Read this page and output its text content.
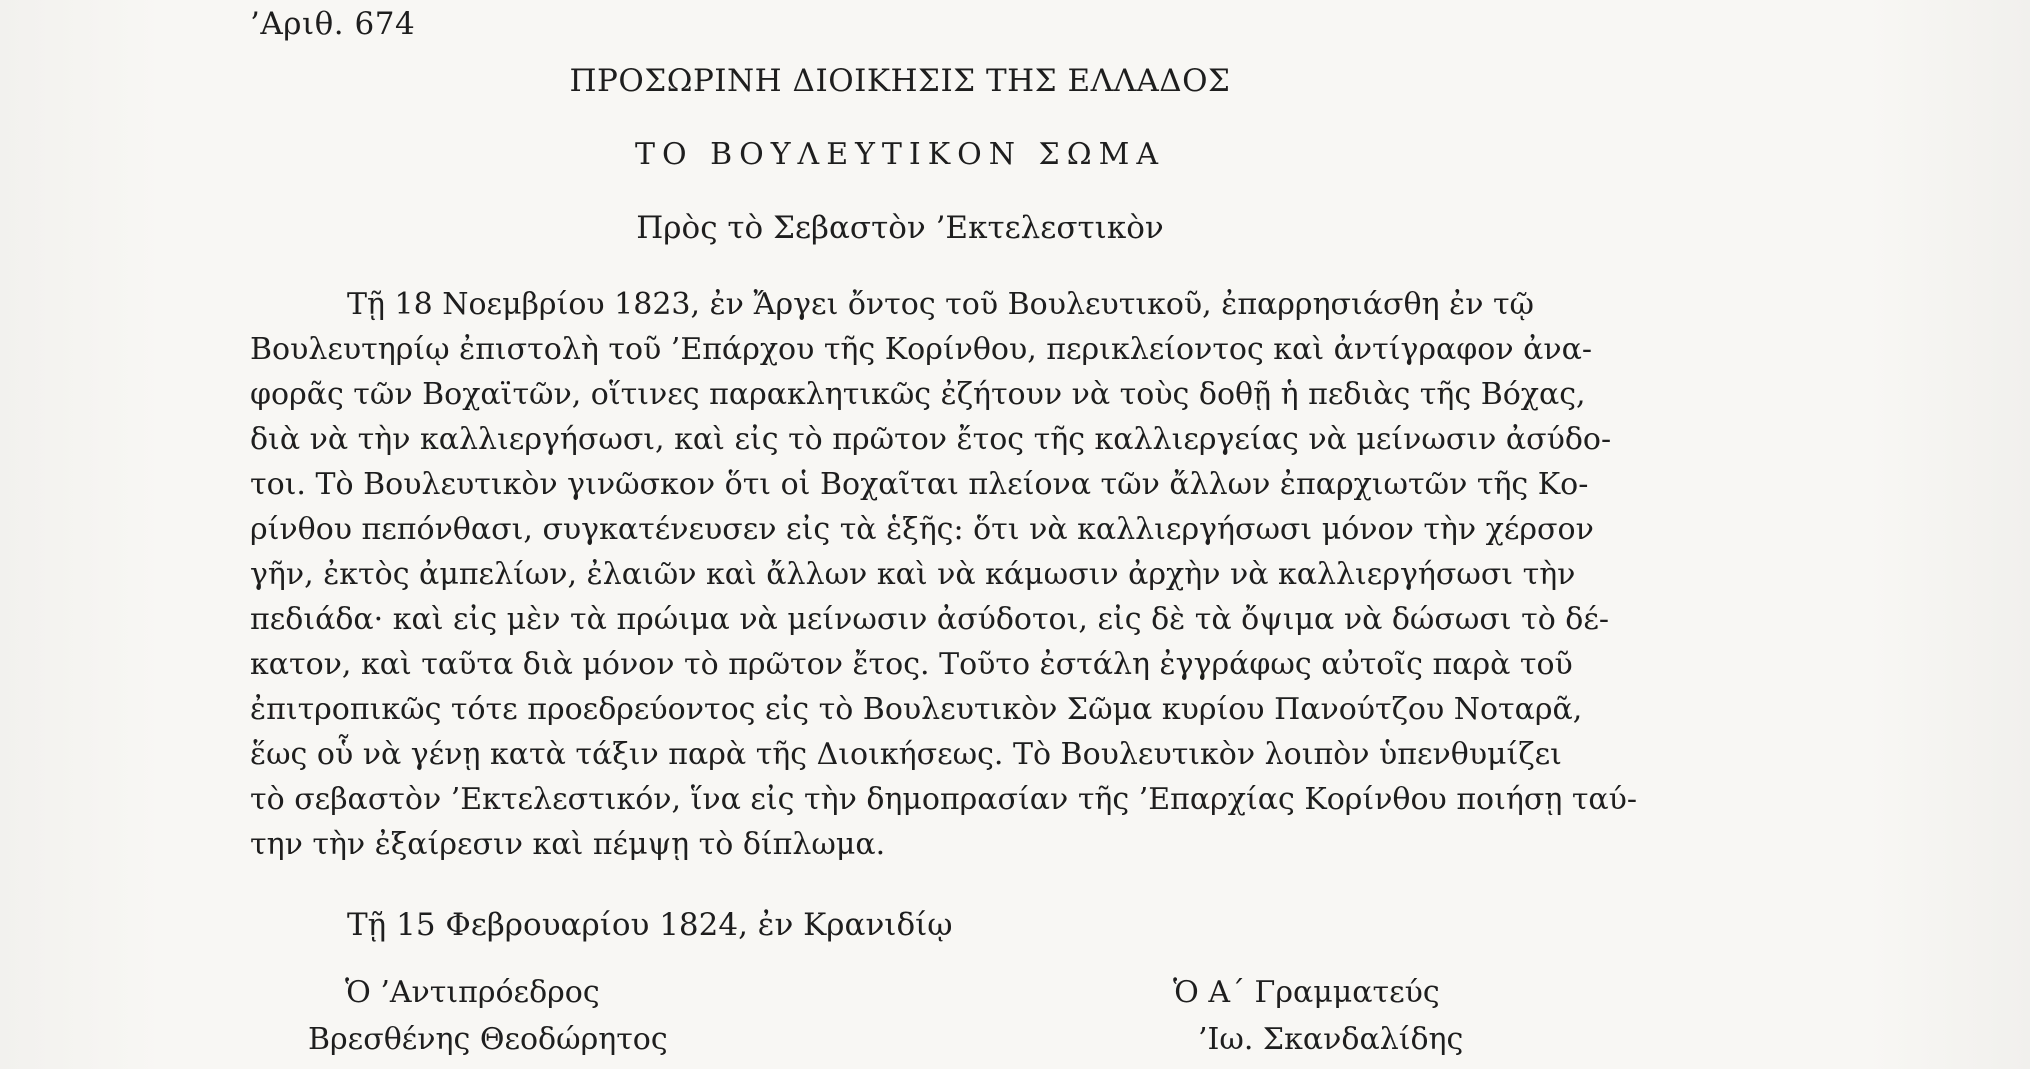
’Αριθ. 674
ΠΡΟΣΩΡΙΝΗ ΔΙΟΙΚΗΣΙΣ ΤΗΣ ΕΛΛΑΔΟΣ
ΤΟ ΒΟΥΛΕΥΤΙΚΟΝ ΣΩΜΑ
Πρὸς τὸ Σεβαστὸν ’Εκτελεστικὸν
Τῇ 18 Νοεμβρίου 1823, ἐν Ἄργει ὄντος τοῦ Βουλευτικοῦ, ἐπαρρησιάσθη ἐν τῷ
Βουλευτηρίῳ ἐπιστολὴ τοῦ ’Επάρχου τῆς Κορίνθου, περικλείοντος καὶ ἀντίγραφον ἀνα-
φορᾶς τῶν Βοχαϊτῶν, οἵτινες παρακλητικῶς ἐζήτουν νὰ τοὺς δοθῇ ἡ πεδιὰς τῆς Βόχας,
διὰ νὰ τὴν καλλιεργήσωσι, καὶ εἰς τὸ πρῶτον ἔτος τῆς καλλιεργείας νὰ μείνωσιν ἀσύδο-
τοι. Τὸ Βουλευτικὸν γινῶσκον ὅτι οἱ Βοχαῖται πλείονα τῶν ἄλλων ἐπαρχιωτῶν τῆς Κο-
ρίνθου πεπόνθασι, συγκατένευσεν εἰς τὰ ἑξῆς: ὅτι νὰ καλλιεργήσωσι μόνον τὴν χέρσον
γῆν, ἐκτὸς ἀμπελίων, ἐλαιῶν καὶ ἄλλων καὶ νὰ κάμωσιν ἀρχὴν νὰ καλλιεργήσωσι τὴν
πεδιάδα· καὶ εἰς μὲν τὰ πρώιμα νὰ μείνωσιν ἀσύδοτοι, εἰς δὲ τὰ ὄψιμα νὰ δώσωσι τὸ δέ-
κατον, καὶ ταῦτα διὰ μόνον τὸ πρῶτον ἔτος. Τοῦτο ἐστάλη ἐγγράφως αὐτοῖς παρὰ τοῦ
ἐπιτροπικῶς τότε προεδρεύοντος εἰς τὸ Βουλευτικὸν Σῶμα κυρίου Πανούτζου Νοταρᾶ,
ἕως οὗ νὰ γένῃ κατὰ τάξιν παρὰ τῆς Διοικήσεως. Τὸ Βουλευτικὸν λοιπὸν ὑπενθυμίζει
τὸ σεβαστὸν ’Εκτελεστικόν, ἵνα εἰς τὴν δημοπρασίαν τῆς ’Επαρχίας Κορίνθου ποιήσῃ ταύ-
την τὴν ἐξαίρεσιν καὶ πέμψῃ τὸ δίπλωμα.
Τῇ 15 Φεβρουαρίου 1824, ἐν Κρανιδίῳ
Ὁ ’Αντιπρόεδρος
Βρεσθένης Θεοδώρητος
Ὁ Α΄ Γραμματεύς
’Ιω. Σκανδαλίδης
